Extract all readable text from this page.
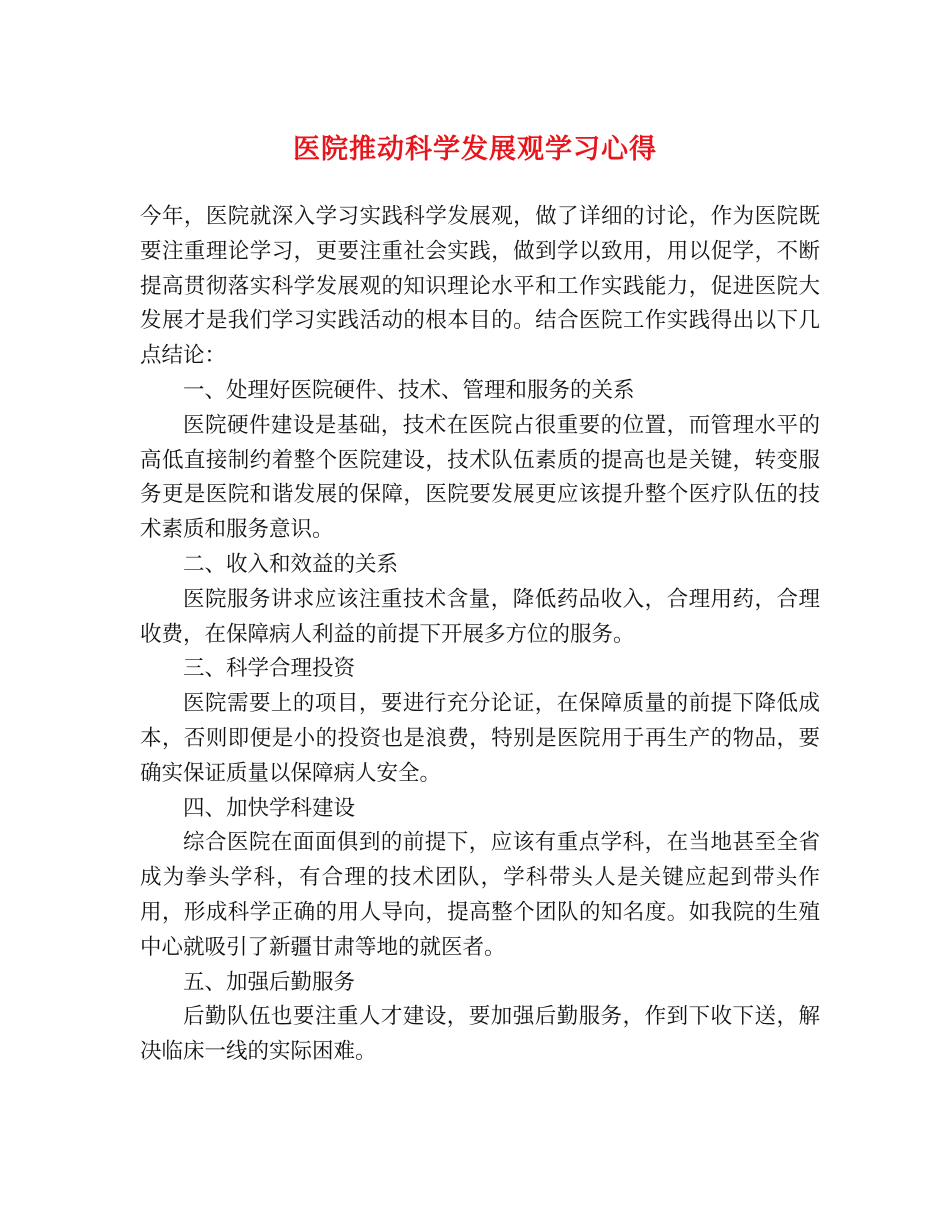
医院推动科学发展观学习心得

今年，医院就深入学习实践科学发展观，做了详细的讨论，作为医院既要注重理论学习，更要注重社会实践，做到学以致用，用以促学，不断提高贯彻落实科学发展观的知识理论水平和工作实践能力，促进医院大发展才是我们学习实践活动的根本目的。结合医院工作实践得出以下几点结论：

一、处理好医院硬件、技术、管理和服务的关系

医院硬件建设是基础，技术在医院占很重要的位置，而管理水平的高低直接制约着整个医院建设，技术队伍素质的提高也是关键，转变服务更是医院和谐发展的保障，医院要发展更应该提升整个医疗队伍的技术素质和服务意识。

二、收入和效益的关系

医院服务讲求应该注重技术含量，降低药品收入，合理用药，合理收费，在保障病人利益的前提下开展多方位的服务。

三、科学合理投资

医院需要上的项目，要进行充分论证，在保障质量的前提下降低成本，否则即便是小的投资也是浪费，特别是医院用于再生产的物品，要确实保证质量以保障病人安全。

四、加快学科建设

综合医院在面面俱到的前提下，应该有重点学科，在当地甚至全省成为拳头学科，有合理的技术团队，学科带头人是关键应起到带头作用，形成科学正确的用人导向，提高整个团队的知名度。如我院的生殖中心就吸引了新疆甘肃等地的就医者。

五、加强后勤服务

后勤队伍也要注重人才建设，要加强后勤服务，作到下收下送，解决临床一线的实际困难。
